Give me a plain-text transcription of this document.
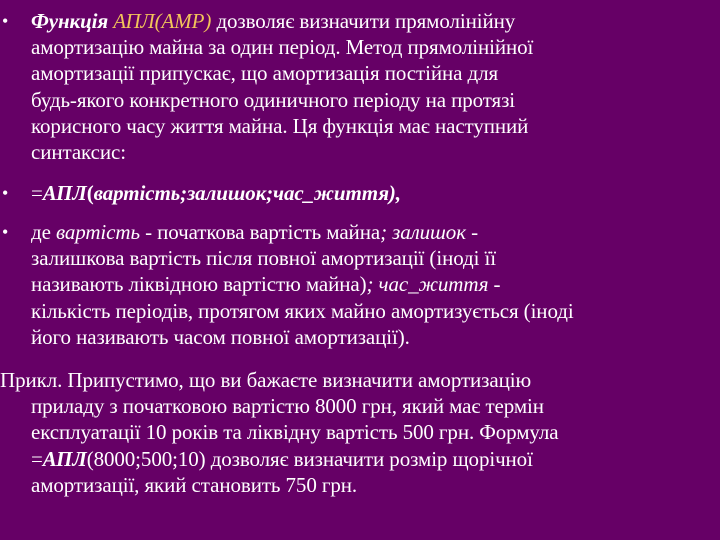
• Функція АПЛ(АМР) дозволяє визначити прямолінійну
амортизацію майна за один період. Метод прямолінійної
амортизації припускає, що амортизація постійна для
будь-якого конкретного одиничного періоду на протязі
корисного часу життя майна. Ця функція має наступний
синтаксис:
• =АПЛ(вартість;залишок;час_життя),
• де вартість - початкова вартість майна; залишок -
залишкова вартість після повної амортизації (іноді її
називають ліквідною вартістю майна); час_життя -
кількість періодів, протягом яких майно амортизується (іноді
його називають часом повної амортизації).
Прикл. Припустимо, що ви бажаєте визначити амортизацію
приладу з початковою вартістю 8000 грн, який має термін
експлуатації 10 років та ліквідну вартість 500 грн. Формула
=АПЛ(8000;500;10) дозволяє визначити розмір щорічної
амортизації, який становить 750 грн.
